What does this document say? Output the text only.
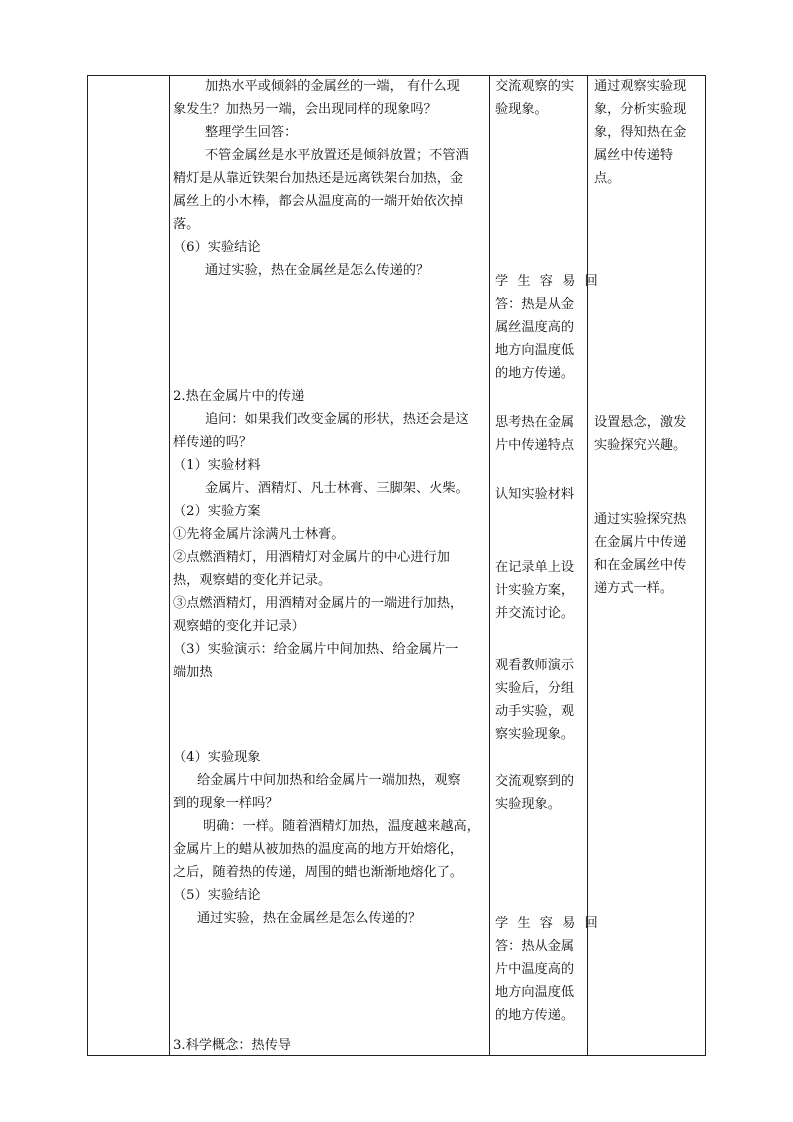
加热水平或倾斜的金属丝的一端， 有什么现
象发生？加热另一端，会出现同样的现象吗？
整理学生回答：
不管金属丝是水平放置还是倾斜放置；不管酒
精灯是从靠近铁架台加热还是远离铁架台加热，金
属丝上的小木棒，都会从温度高的一端开始依次掉
落。
（6）实验结论
通过实验，热在金属丝是怎么传递的？
2.热在金属片中的传递
追问：如果我们改变金属的形状，热还会是这
样传递的吗？
（1）实验材料
金属片、酒精灯、凡士林膏、三脚架、火柴。
（2）实验方案
①先将金属片涂满凡士林膏。
②点燃酒精灯，用酒精灯对金属片的中心进行加
热，观察蜡的变化并记录。
③点燃酒精灯，用酒精对金属片的一端进行加热，
观察蜡的变化并记录）
（3）实验演示：给金属片中间加热、给金属片一
端加热
（4）实验现象
给金属片中间加热和给金属片一端加热，观察
到的现象一样吗？
明确：一样。随着酒精灯加热，温度越来越高，
金属片上的蜡从被加热的温度高的地方开始熔化，
之后，随着热的传递，周围的蜡也渐渐地熔化了。
（5）实验结论
通过实验，热在金属丝是怎么传递的？
3.科学概念：热传导
交流观察的实
验现象。
学 生 容 易 回
答：热是从金
属丝温度高的
地方向温度低
的地方传递。
思考热在金属
片中传递特点
认知实验材料
在记录单上设
计实验方案，
并交流讨论。
观看教师演示
实验后，分组
动手实验，观
察实验现象。
交流观察到的
实验现象。
学 生 容 易 回
答：热从金属
片中温度高的
地方向温度低
的地方传递。
通过观察实验现
象，分析实验现
象，得知热在金
属丝中传递特
点。
设置悬念，激发
实验探究兴趣。
通过实验探究热
在金属片中传递
和在金属丝中传
递方式一样。
